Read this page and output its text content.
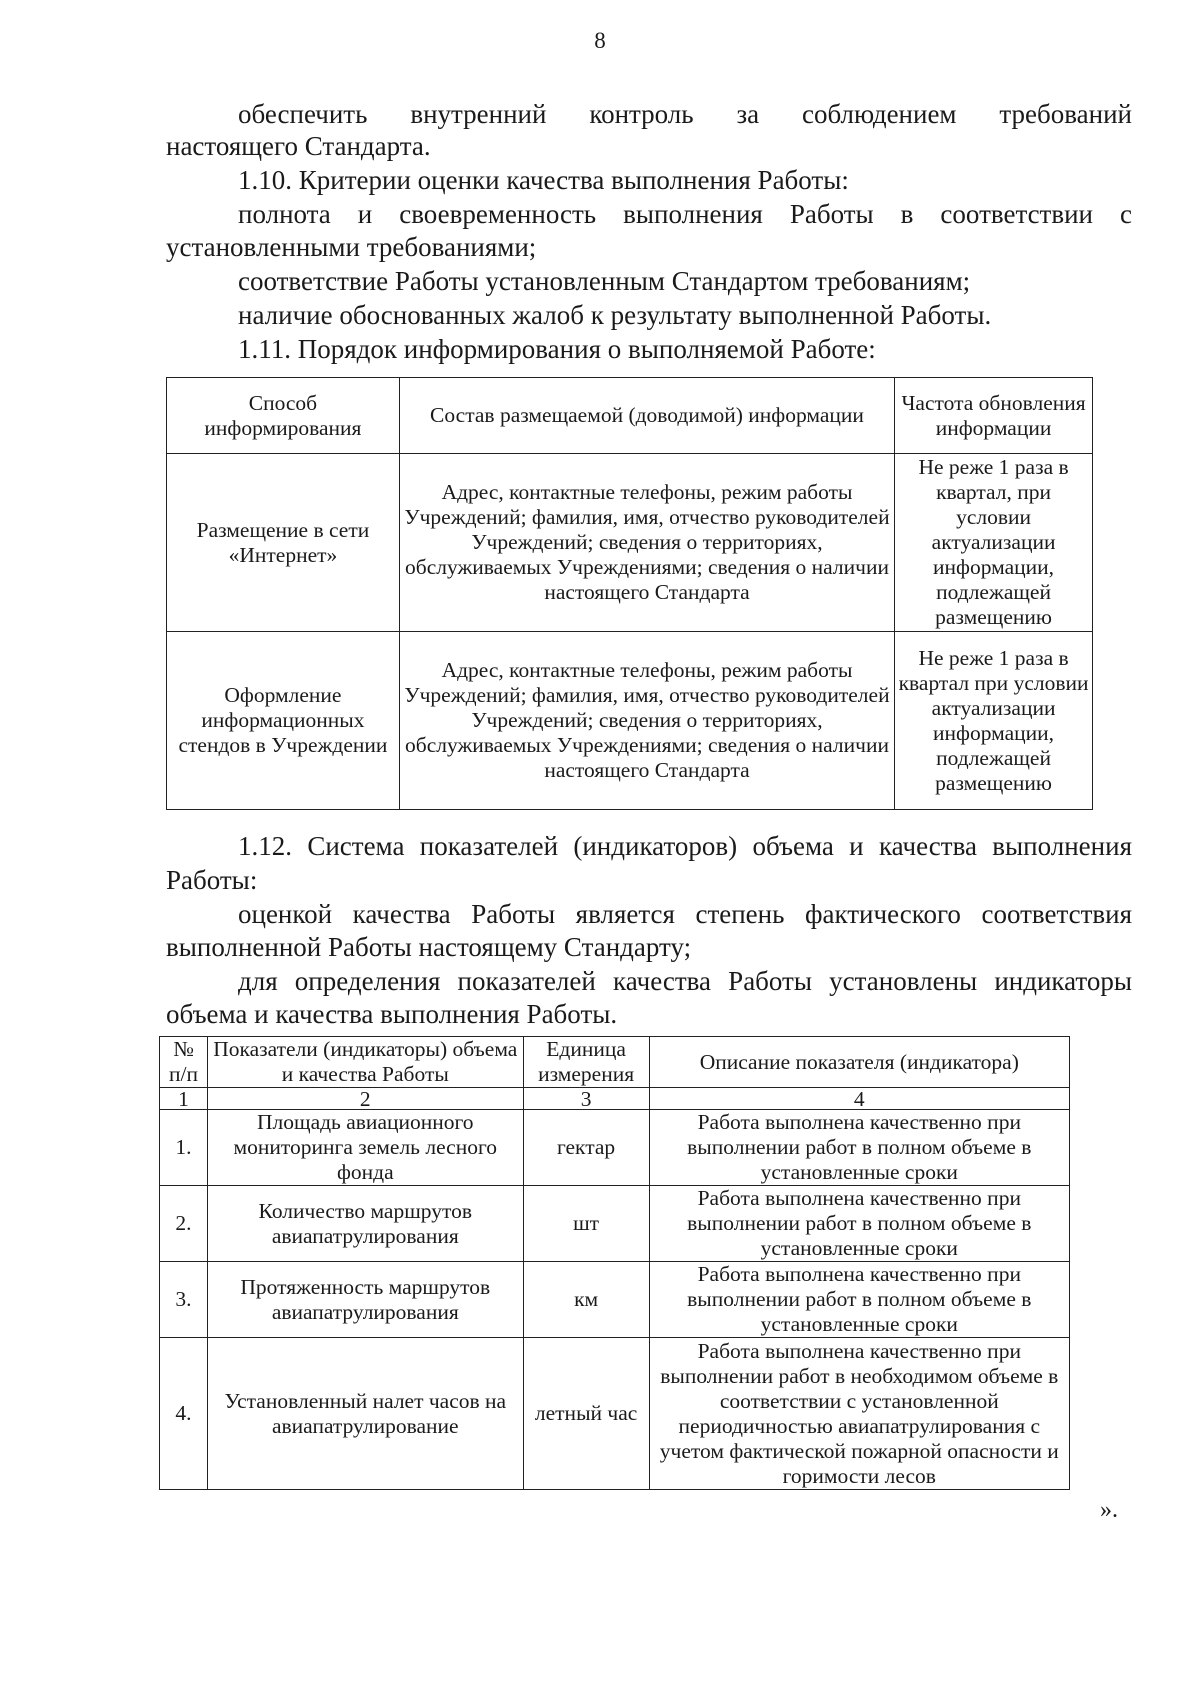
8

обеспечить внутренний контроль за соблюдением требований

настоящего Стандарта.

1.10. Критерии оценки качества выполнения Работы:

полнота и своевременность выполнения Работы в соответствии с

установленными требованиями;

соответствие Работы установленным Стандартом требованиям;

наличие обоснованных жалоб к результату выполненной Работы.

1.11. Порядок информирования о выполняемой Работе:

Способ информирования	Состав размещаемой (доводимой) информации	Частота обновления информации
Размещение в сети «Интернет»	Адрес, контактные телефоны, режим работы Учреждений; фамилия, имя, отчество руководителей Учреждений; сведения о территориях, обслуживаемых Учреждениями; сведения о наличии настоящего Стандарта	Не реже 1 раза в квартал, при условии актуализации информации, подлежащей размещению
Оформление информационных стендов в Учреждении	Адрес, контактные телефоны, режим работы Учреждений; фамилия, имя, отчество руководителей Учреждений; сведения о территориях, обслуживаемых Учреждениями; сведения о наличии настоящего Стандарта	Не реже 1 раза в квартал при условии актуализации информации, подлежащей размещению

1.12. Система показателей (индикаторов) объема и качества выполнения

Работы:

оценкой качества Работы является степень фактического соответствия

выполненной Работы настоящему Стандарту;

для определения показателей качества Работы установлены индикаторы

объема и качества выполнения Работы.

№ п/п	Показатели (индикаторы) объема и качества Работы	Единица измерения	Описание показателя (индикатора)
1	2	3	4
1.	Площадь авиационного мониторинга земель лесного фонда	гектар	Работа выполнена качественно при выполнении работ в полном объеме в установленные сроки
2.	Количество маршрутов авиапатрулирования	шт	Работа выполнена качественно при выполнении работ в полном объеме в установленные сроки
3.	Протяженность маршрутов авиапатрулирования	км	Работа выполнена качественно при выполнении работ в полном объеме в установленные сроки
4.	Установленный налет часов на авиапатрулирование	летный час	Работа выполнена качественно при выполнении работ в необходимом объеме в соответствии с установленной периодичностью авиапатрулирования с учетом фактической пожарной опасности и горимости лесов
».
